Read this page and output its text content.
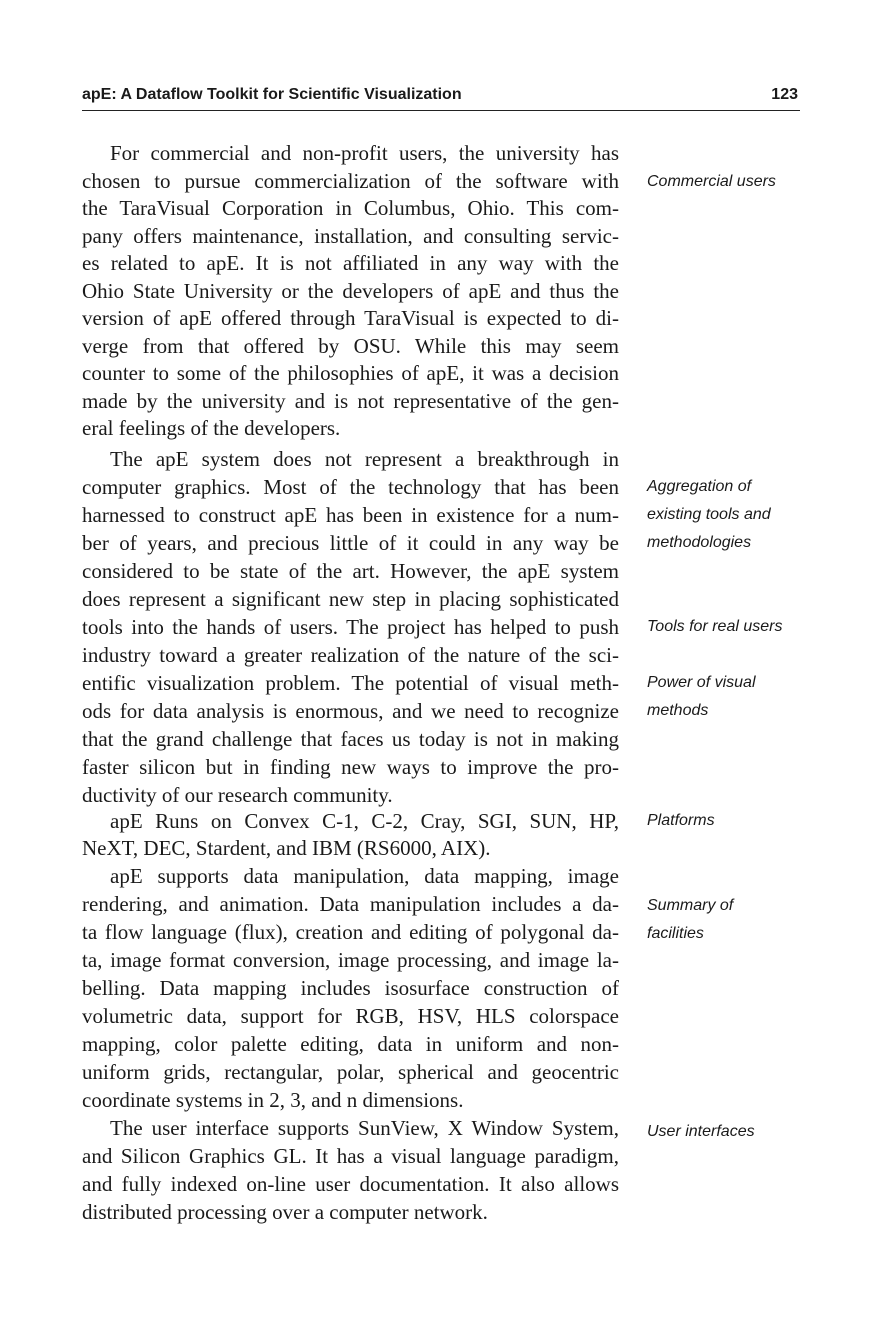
apE: A Dataflow Toolkit for Scientific Visualization	123
For commercial and non-profit users, the university has
chosen to pursue commercialization of the software with
the TaraVisual Corporation in Columbus, Ohio. This com-
pany offers maintenance, installation, and consulting servic-
es related to apE. It is not affiliated in any way with the
Ohio State University or the developers of apE and thus the
version of apE offered through TaraVisual is expected to di-
verge from that offered by OSU. While this may seem
counter to some of the philosophies of apE, it was a decision
made by the university and is not representative of the gen-
eral feelings of the developers.
The apE system does not represent a breakthrough in
computer graphics. Most of the technology that has been
harnessed to construct apE has been in existence for a num-
ber of years, and precious little of it could in any way be
considered to be state of the art. However, the apE system
does represent a significant new step in placing sophisticated
tools into the hands of users. The project has helped to push
industry toward a greater realization of the nature of the sci-
entific visualization problem. The potential of visual meth-
ods for data analysis is enormous, and we need to recognize
that the grand challenge that faces us today is not in making
faster silicon but in finding new ways to improve the pro-
ductivity of our research community.
apE Runs on Convex C-1, C-2, Cray, SGI, SUN, HP,
NeXT, DEC, Stardent, and IBM (RS6000, AIX).
apE supports data manipulation, data mapping, image
rendering, and animation. Data manipulation includes a da-
ta flow language (flux), creation and editing of polygonal da-
ta, image format conversion, image processing, and image la-
belling. Data mapping includes isosurface construction of
volumetric data, support for RGB, HSV, HLS colorspace
mapping, color palette editing, data in uniform and non-
uniform grids, rectangular, polar, spherical and geocentric
coordinate systems in 2, 3, and n dimensions.
The user interface supports SunView, X Window System,
and Silicon Graphics GL. It has a visual language paradigm,
and fully indexed on-line user documentation. It also allows
distributed processing over a computer network.
Commercial users
Aggregation of
existing tools and
methodologies
Tools for real users
Power of visual
methods
Platforms
Summary of
facilities
User interfaces
